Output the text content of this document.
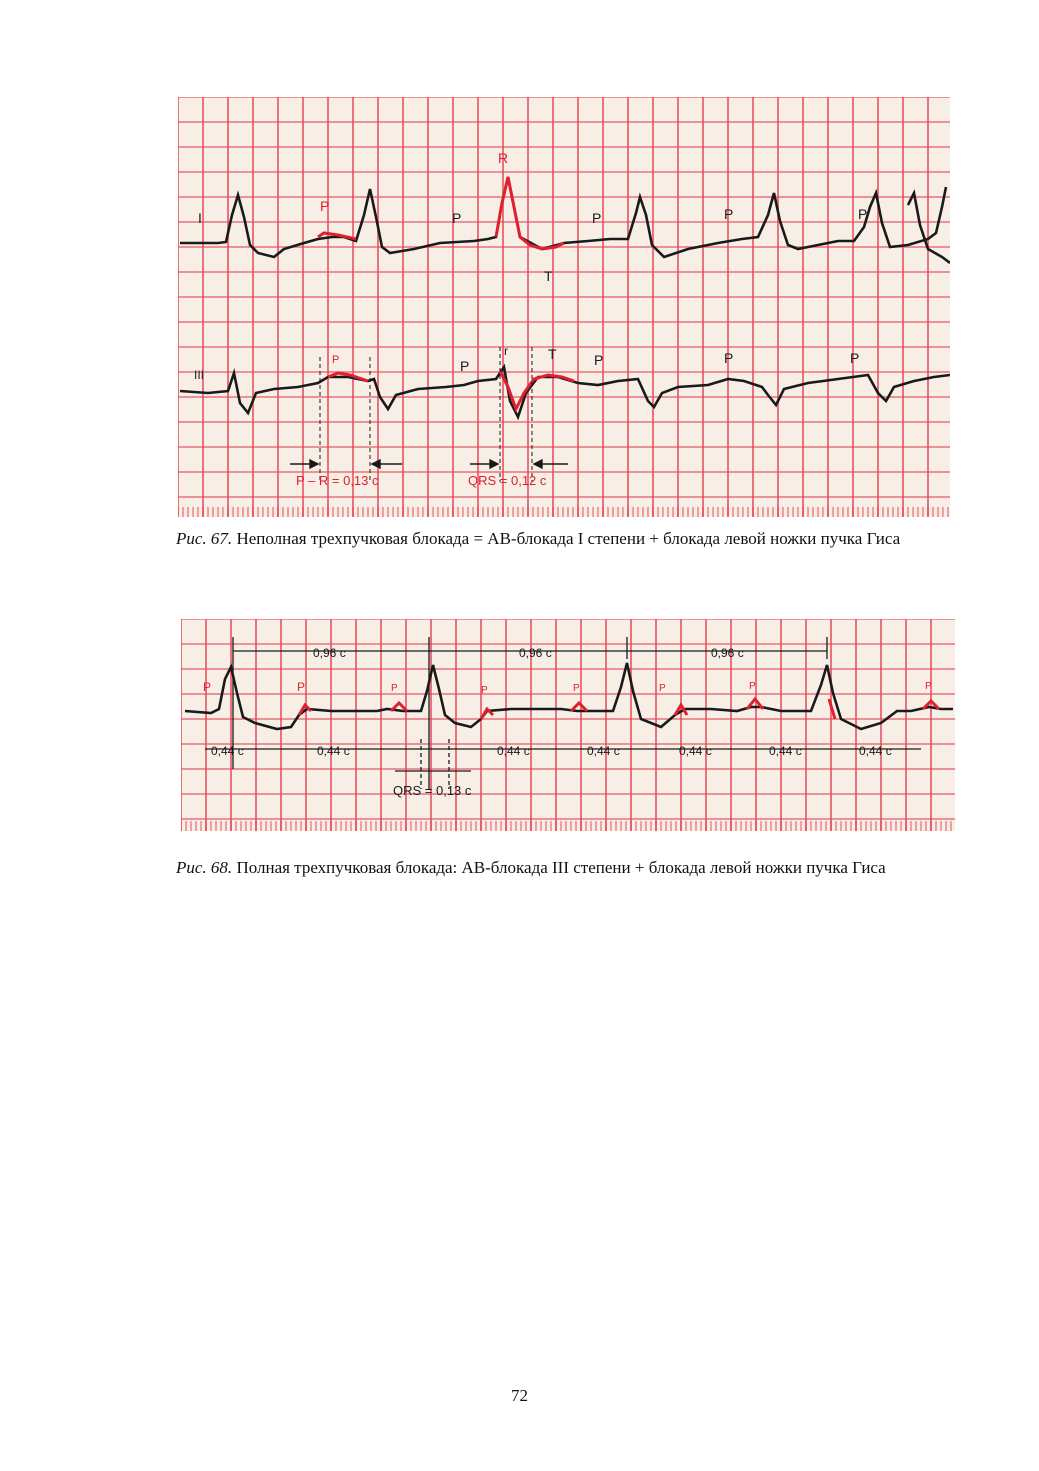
I
III
P
P
R
P	P	P
T
P	P
r	T	P	P	P
P – R = 0,13 с	QRS = 0,12 с

Рис. 67. Неполная трехпучковая блокада = АВ-блокада I степени + блокада левой ножки пучка Гиса

0,96 с	0,96 с	0,96 с
0,44 с	0,44 с	0,44 с	0,44 с	0,44 с	0,44 с	0,44 с
P	P	P	P	P	P	P	P
QRS = 0,13 с

Рис. 68. Полная трехпучковая блокада: АВ-блокада III степени + блокада левой ножки пучка Гиса

72
